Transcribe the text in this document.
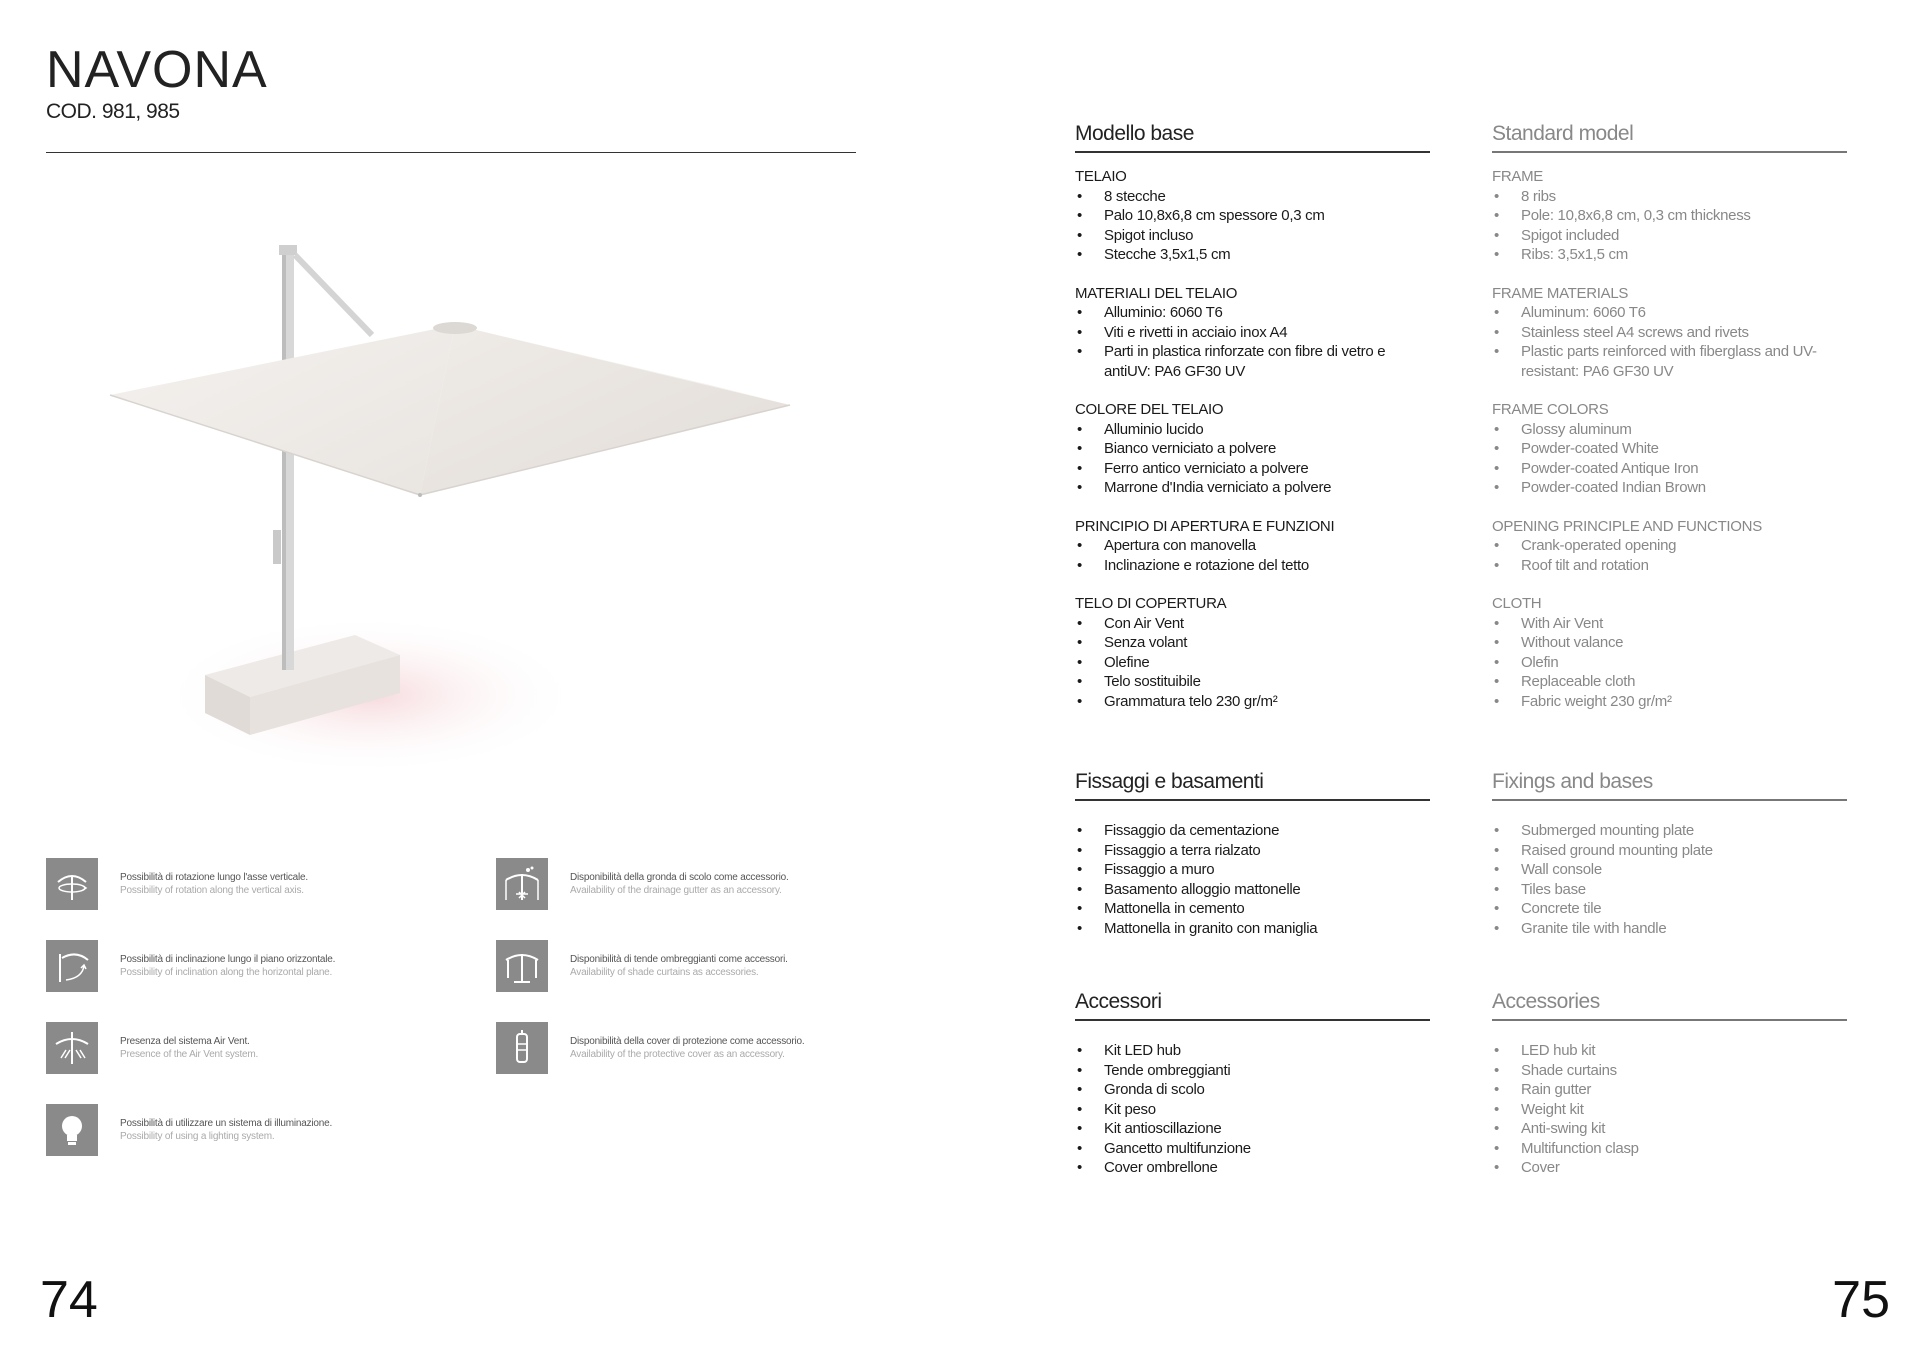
NAVONA
COD. 981, 985
Possibilità di rotazione lungo l'asse verticale.
Possibility of rotation along the vertical axis.
Disponibilità della gronda di scolo come accessorio.
Availability of the drainage gutter as an accessory.
Possibilità di inclinazione lungo il piano orizzontale.
Possibility of inclination along the horizontal plane.
Disponibilità di tende ombreggianti come accessori.
Availability of shade curtains as accessories.
Presenza del sistema Air Vent.
Presence of the Air Vent system.
Disponibilità della cover di protezione come accessorio.
Availability of the protective cover as an accessory.
Possibilità di utilizzare un sistema di illuminazione.
Possibility of using a lighting system.
74
Modello base
TELAIO
• 8 stecche
• Palo 10,8x6,8 cm spessore 0,3 cm
• Spigot incluso
• Stecche 3,5x1,5 cm
MATERIALI DEL TELAIO
• Alluminio: 6060 T6
• Viti e rivetti in acciaio inox A4
• Parti in plastica rinforzate con fibre di vetro e antiUV: PA6 GF30 UV
COLORE DEL TELAIO
• Alluminio lucido
• Bianco verniciato a polvere
• Ferro antico verniciato a polvere
• Marrone d'India verniciato a polvere
PRINCIPIO DI APERTURA E FUNZIONI
• Apertura con manovella
• Inclinazione e rotazione del tetto
TELO DI COPERTURA
• Con Air Vent
• Senza volant
• Olefine
• Telo sostituibile
• Grammatura telo 230 gr/m²
Fissaggi e basamenti
• Fissaggio da cementazione
• Fissaggio a terra rialzato
• Fissaggio a muro
• Basamento alloggio mattonelle
• Mattonella in cemento
• Mattonella in granito con maniglia
Accessori
• Kit LED hub
• Tende ombreggianti
• Gronda di scolo
• Kit peso
• Kit antioscillazione
• Gancetto multifunzione
• Cover ombrellone
Standard model
FRAME
• 8 ribs
• Pole: 10,8x6,8 cm, 0,3 cm thickness
• Spigot included
• Ribs: 3,5x1,5 cm
FRAME MATERIALS
• Aluminum: 6060 T6
• Stainless steel A4 screws and rivets
• Plastic parts reinforced with fiberglass and UV-resistant: PA6 GF30 UV
FRAME COLORS
• Glossy aluminum
• Powder-coated White
• Powder-coated Antique Iron
• Powder-coated Indian Brown
OPENING PRINCIPLE AND FUNCTIONS
• Crank-operated opening
• Roof tilt and rotation
CLOTH
• With Air Vent
• Without valance
• Olefin
• Replaceable cloth
• Fabric weight 230 gr/m²
Fixings and bases
• Submerged mounting plate
• Raised ground mounting plate
• Wall console
• Tiles base
• Concrete tile
• Granite tile with handle
Accessories
• LED hub kit
• Shade curtains
• Rain gutter
• Weight kit
• Anti-swing kit
• Multifunction clasp
• Cover
75
